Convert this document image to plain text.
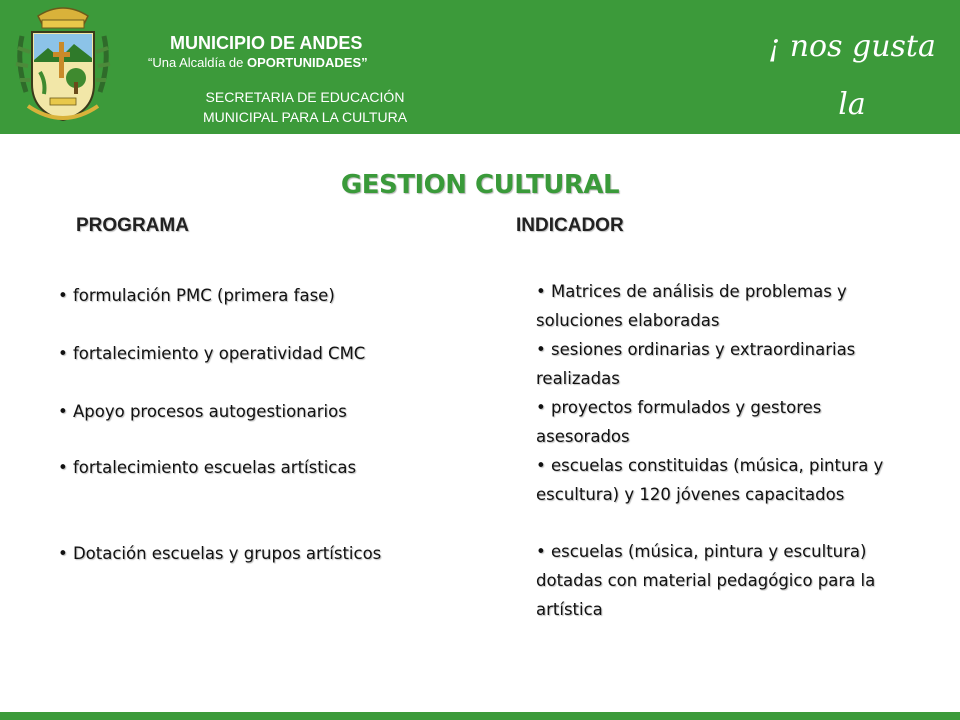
MUNICIPIO DE ANDES
“Una Alcaldía de OPORTUNIDADES”
SECRETARIA DE EDUCACIÓN
MUNICIPAL PARA LA CULTURA
¡ nos gusta la
gente !
GESTION CULTURAL
PROGRAMA	INDICADOR
• formulación PMC (primera fase)
• fortalecimiento y operatividad CMC
• Apoyo procesos autogestionarios
• fortalecimiento escuelas artísticas
• Dotación escuelas y grupos artísticos
• Matrices de análisis de problemas y soluciones elaboradas
• sesiones ordinarias y extraordinarias realizadas
• proyectos formulados y gestores asesorados
• escuelas constituidas (música, pintura y escultura) y 120 jóvenes capacitados
• escuelas (música, pintura y escultura) dotadas con material pedagógico para la artística
